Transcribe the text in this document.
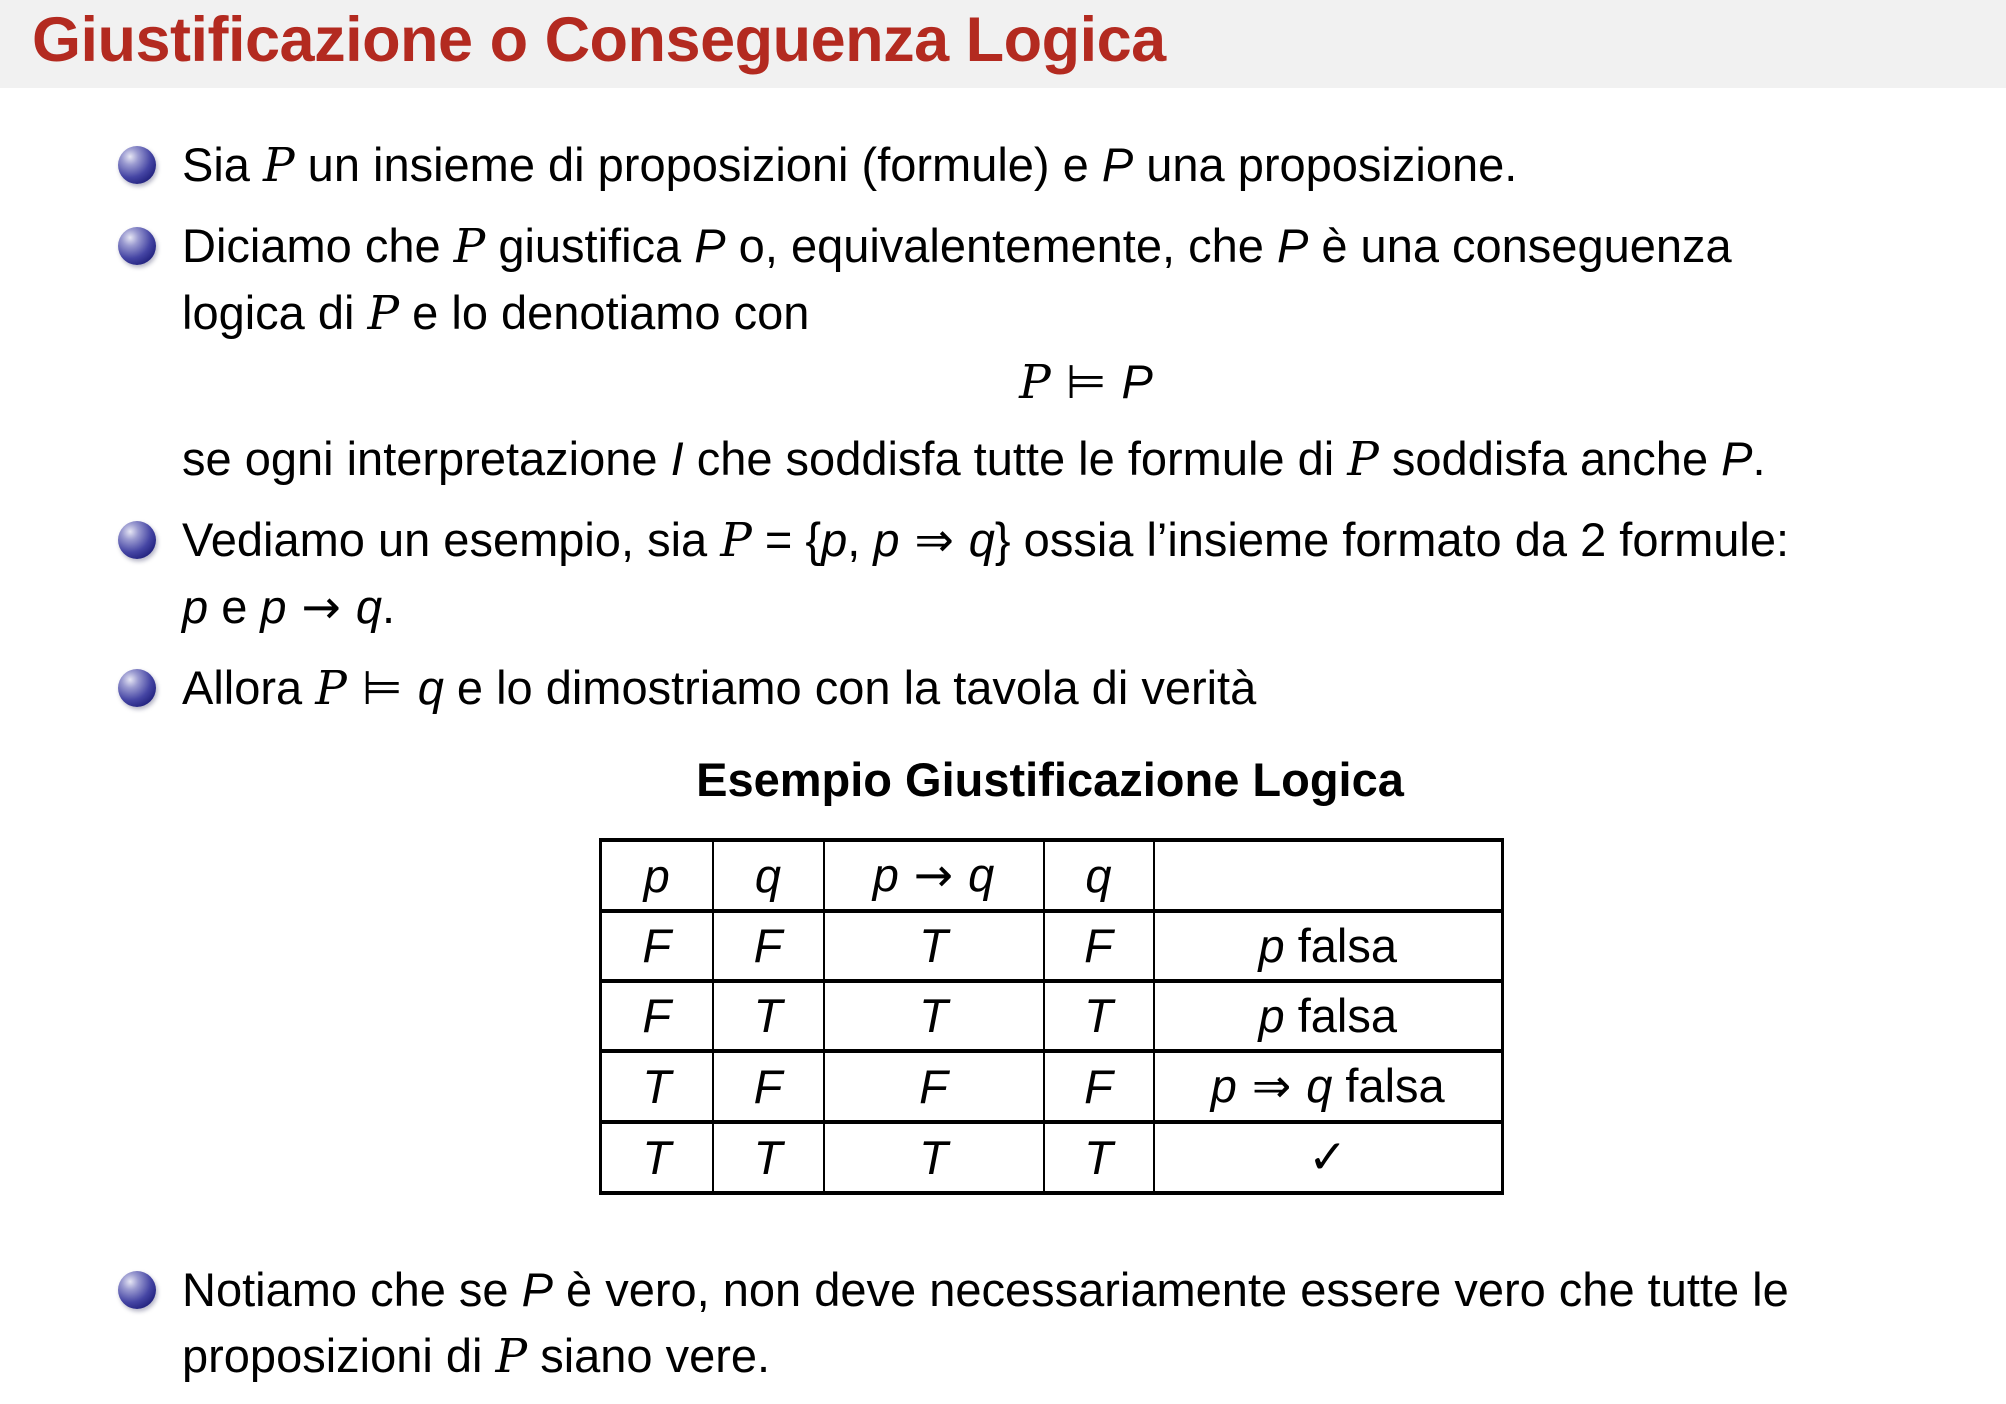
Giustificazione o Conseguenza Logica
Sia P un insieme di proposizioni (formule) e P una proposizione.
Diciamo che P giustifica P o, equivalentemente, che P è una conseguenza
logica di P e lo denotiamo con
P ⊨ P
se ogni interpretazione I che soddisfa tutte le formule di P soddisfa anche P.
Vediamo un esempio, sia P = {p, p ⇒ q} ossia l’insieme formato da 2 formule:
p e p → q.
Allora P ⊨ q e lo dimostriamo con la tavola di verità
Esempio Giustificazione Logica
p	q	p → q	q	
F	F	T	F	p falsa
F	T	T	T	p falsa
T	F	F	F	p ⇒ q falsa
T	T	T	T	✓
Notiamo che se P è vero, non deve necessariamente essere vero che tutte le
proposizioni di P siano vere.
